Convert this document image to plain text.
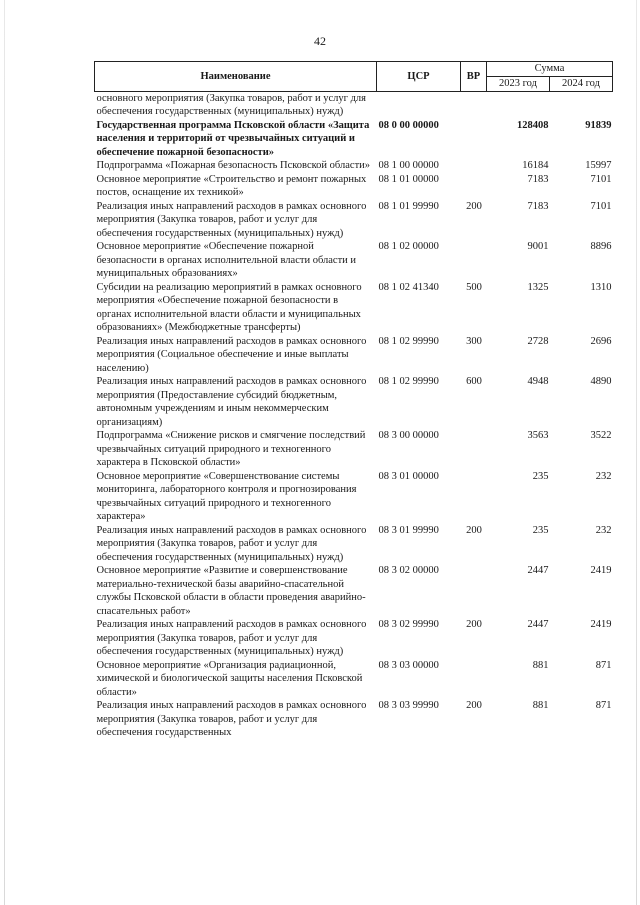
42
Наименование	ЦСР	ВР	Сумма	
			2023 год	2024 год
основного мероприятия (Закупка товаров, работ и услуг для обеспечения государственных (муниципальных) нужд)				
Государственная программа Псковской области «Защита населения и территорий от чрезвычайных ситуаций и обеспечение пожарной безопасности»	08 0 00 00000		128408	91839
Подпрограмма «Пожарная безопасность Псковской области»	08 1 00 00000		16184	15997
Основное мероприятие «Строительство и ремонт пожарных постов, оснащение их техникой»	08 1 01 00000		7183	7101
Реализация иных направлений расходов в рамках основного мероприятия (Закупка товаров, работ и услуг для обеспечения государственных (муниципальных) нужд)	08 1 01 99990	200	7183	7101
Основное мероприятие «Обеспечение пожарной безопасности в органах исполнительной власти области и муниципальных образованиях»	08 1 02 00000		9001	8896
Субсидии на реализацию мероприятий в рамках основного мероприятия «Обеспечение пожарной безопасности в органах исполнительной власти области и муниципальных образованиях» (Межбюджетные трансферты)	08 1 02 41340	500	1325	1310
Реализация иных направлений расходов в рамках основного мероприятия (Социальное обеспечение и иные выплаты населению)	08 1 02 99990	300	2728	2696
Реализация иных направлений расходов в рамках основного мероприятия (Предоставление субсидий бюджетным, автономным учреждениям и иным некоммерческим организациям)	08 1 02 99990	600	4948	4890
Подпрограмма «Снижение рисков и смягчение последствий чрезвычайных ситуаций природного и техногенного характера в Псковской области»	08 3 00 00000		3563	3522
Основное мероприятие «Совершенствование системы мониторинга, лабораторного контроля и прогнозирования чрезвычайных ситуаций природного и техногенного характера»	08 3 01 00000		235	232
Реализация иных направлений расходов в рамках основного мероприятия (Закупка товаров, работ и услуг для обеспечения государственных (муниципальных) нужд)	08 3 01 99990	200	235	232
Основное мероприятие «Развитие и совершенствование материально-технической базы аварийно-спасательной службы Псковской области в области проведения аварийно-спасательных работ»	08 3 02 00000		2447	2419
Реализация иных направлений расходов в рамках основного мероприятия (Закупка товаров, работ и услуг для обеспечения государственных (муниципальных) нужд)	08 3 02 99990	200	2447	2419
Основное мероприятие «Организация радиационной, химической и биологической защиты населения Псковской области»	08 3 03 00000		881	871
Реализация иных направлений расходов в рамках основного мероприятия (Закупка товаров, работ и услуг для обеспечения государственных	08 3 03 99990	200	881	871
